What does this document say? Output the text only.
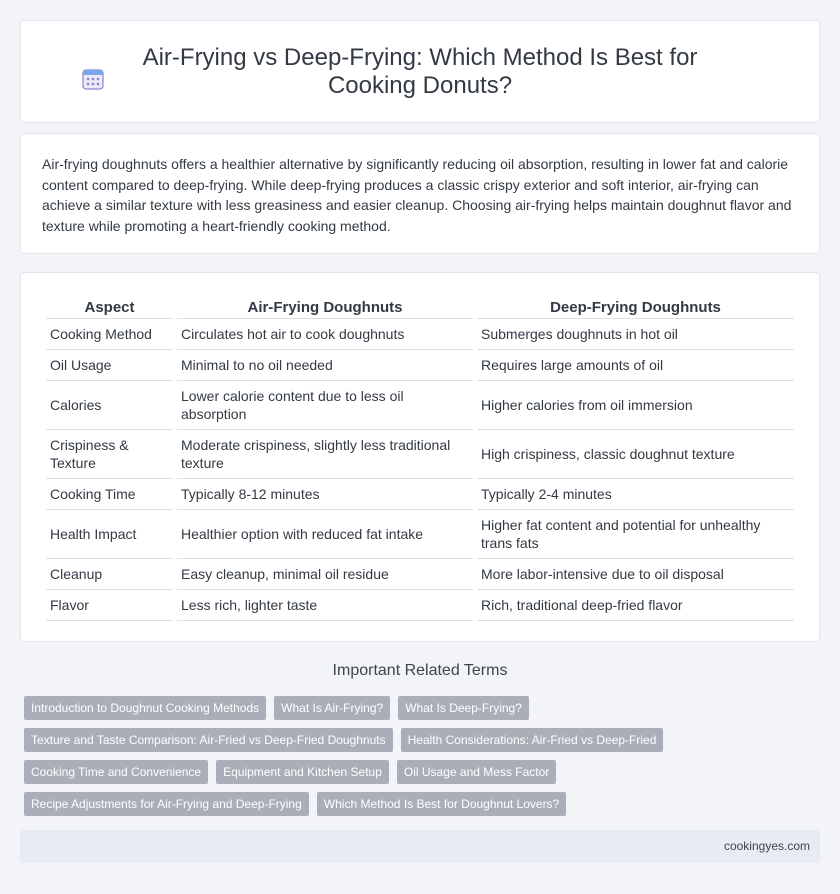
Air-Frying vs Deep-Frying: Which Method Is Best for Cooking Donuts?

Air-frying doughnuts offers a healthier alternative by significantly reducing oil absorption, resulting in lower fat and calorie content compared to deep-frying. While deep-frying produces a classic crispy exterior and soft interior, air-frying can achieve a similar texture with less greasiness and easier cleanup. Choosing air-frying helps maintain doughnut flavor and texture while promoting a heart-friendly cooking method.

Aspect	Air-Frying Doughnuts	Deep-Frying Doughnuts
Cooking Method	Circulates hot air to cook doughnuts	Submerges doughnuts in hot oil
Oil Usage	Minimal to no oil needed	Requires large amounts of oil
Calories	Lower calorie content due to less oil absorption	Higher calories from oil immersion
Crispiness & Texture	Moderate crispiness, slightly less traditional texture	High crispiness, classic doughnut texture
Cooking Time	Typically 8-12 minutes	Typically 2-4 minutes
Health Impact	Healthier option with reduced fat intake	Higher fat content and potential for unhealthy trans fats
Cleanup	Easy cleanup, minimal oil residue	More labor-intensive due to oil disposal
Flavor	Less rich, lighter taste	Rich, traditional deep-fried flavor
Important Related Terms
Introduction to Doughnut Cooking Methods	What Is Air-Frying?	What Is Deep-Frying?
Texture and Taste Comparison: Air-Fried vs Deep-Fried Doughnuts	Health Considerations: Air-Fried vs Deep-Fried
Cooking Time and Convenience	Equipment and Kitchen Setup	Oil Usage and Mess Factor
Recipe Adjustments for Air-Frying and Deep-Frying	Which Method Is Best for Doughnut Lovers?
cookingyes.com
